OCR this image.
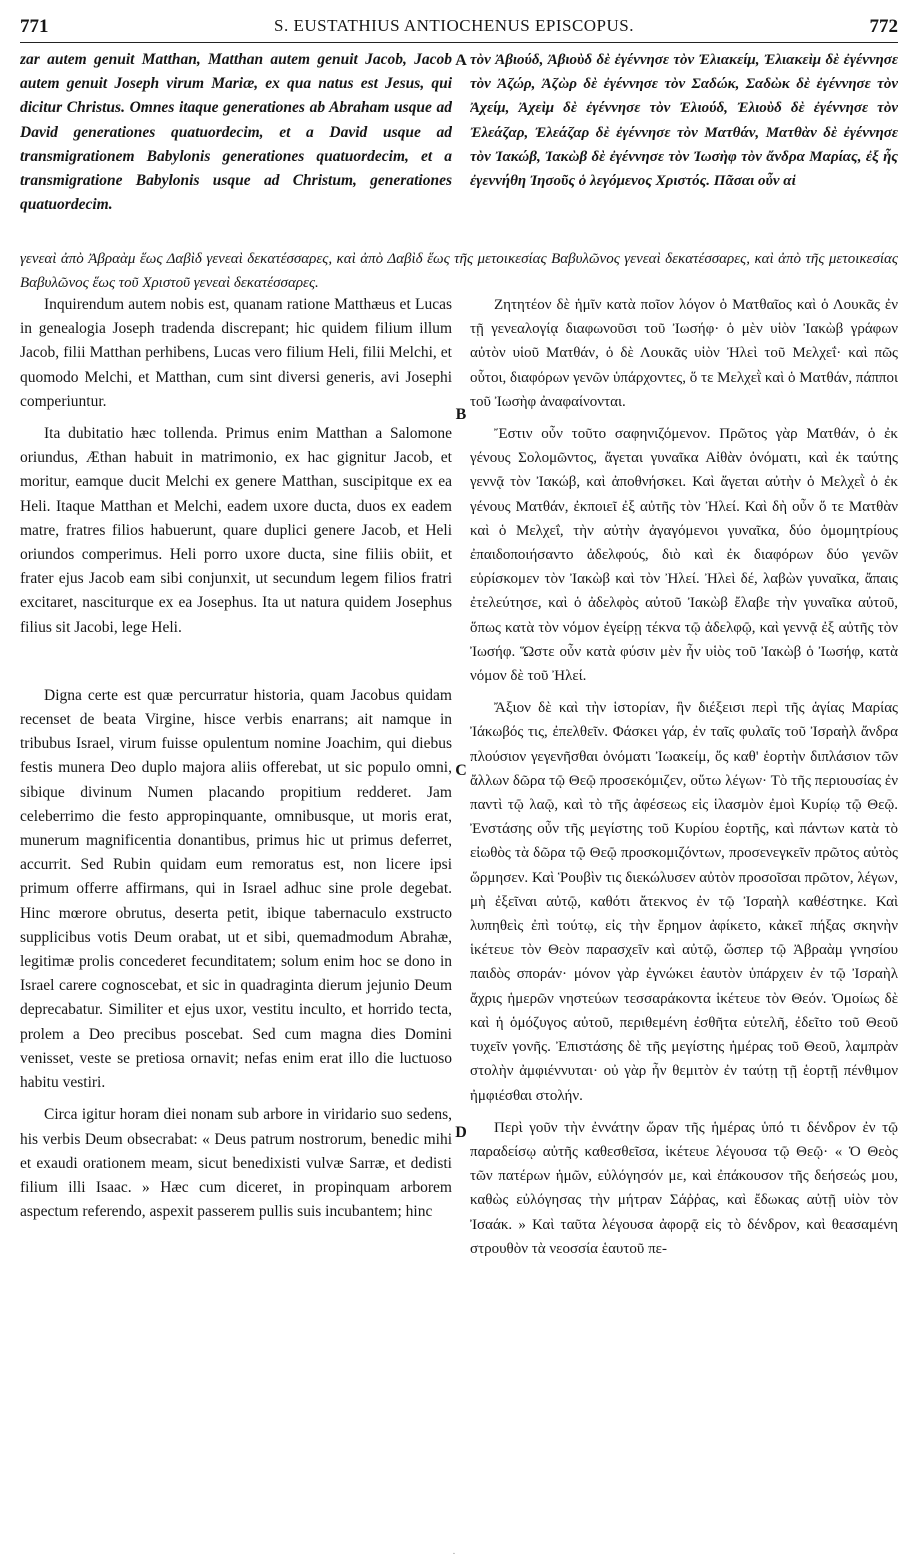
771	S. EUSTATHIUS ANTIOCHENUS EPISCOPUS.	772

zar autem genuit Matthan, Matthan autem genuit Jacob, Jacob autem genuit Joseph virum Mariæ, ex qua natus est Jesus, qui dicitur Christus. Omnes itaque generationes ab Abraham usque ad David generationes quatuordecim, et a David usque ad transmigrationem Babylonis generationes quatuordecim, et a transmigratione Babylonis usque ad Christum, generationes quatuordecim.

τὸν Ἀβιούδ, Ἀβιοὺδ δὲ ἐγέννησε τὸν Ἐλιακείμ, Ἐλιακεὶμ δὲ ἐγέννησε τὸν Ἀζώρ, Ἀζὼρ δὲ ἐγέννησε τὸν Σαδώκ, Σαδὼκ δὲ ἐγέννησε τὸν Ἀχείμ, Ἀχεὶμ δὲ ἐγέννησε τὸν Ἐλιούδ, Ἐλιοὺδ δὲ ἐγέννησε τὸν Ἐλεάζαρ, Ἐλεάζαρ δὲ ἐγέννησε τὸν Ματθάν, Ματθὰν δὲ ἐγέννησε τὸν Ἰακώβ, Ἰακὼβ δὲ ἐγέννησε τὸν Ἰωσὴφ τὸν ἄνδρα Μαρίας, ἐξ ἧς ἐγεννήθη Ἰησοῦς ὁ λεγόμενος Χριστός. Πᾶσαι οὖν αἱ

A
γενεαὶ ἀπὸ Ἀβραὰμ ἕως Δαβὶδ γενεαὶ δεκατέσσαρες, καὶ ἀπὸ Δαβὶδ ἕως τῆς μετοικεσίας Βαβυλῶνος γενεαὶ δεκατέσσαρες, καὶ ἀπὸ τῆς μετοικεσίας Βαβυλῶνος ἕως τοῦ Χριστοῦ γενεαὶ δεκατέσσαρες.

Inquirendum autem nobis est, quanam ratione Matthæus et Lucas in genealogia Joseph tradenda discrepant; hic quidem filium illum Jacob, filii Matthan perhibens, Lucas vero filium Heli, filii Melchi, et quomodo Melchi, et Matthan, cum sint diversi generis, avi Josephi comperiuntur.

Ita dubitatio hæc tollenda. Primus enim Matthan a Salomone oriundus, Æthan habuit in matrimonio, ex hac gignitur Jacob, et moritur, eamque ducit Melchi ex genere Matthan, suscipitque ex ea Heli. Itaque Matthan et Melchi, eadem uxore ducta, duos ex eadem matre, fratres filios habuerunt, quare duplici genere Jacob, et Heli oriundos comperimus. Heli porro uxore ducta, sine filiis obiit, et frater ejus Jacob eam sibi conjunxit, ut secundum legem filios fratri excitaret, nasciturque ex ea Josephus. Ita ut natura quidem Josephus filius sit Jacobi, lege Heli.

Digna certe est quæ percurratur historia, quam Jacobus quidam recenset de beata Virgine, hisce verbis enarrans; ait namque in tribubus Israel, virum fuisse opulentum nomine Joachim, qui diebus festis munera Deo duplo majora aliis offerebat, ut sic populo omni, sibique divinum Numen placando propitium redderet. Jam celeberrimo die festo appropinquante, omnibusque, ut moris erat, munerum magnificentia donantibus, primus hic ut primus deferret, accurrit. Sed Rubin quidam eum remoratus est, non licere ipsi primum offerre affirmans, qui in Israel adhuc sine prole degebat. Hinc mœrore obrutus, deserta petit, ibique tabernaculo exstructo supplicibus votis Deum orabat, ut et sibi, quemadmodum Abrahæ, legitimæ prolis concederet fecunditatem; solum enim hoc se dono in Israel carere cognoscebat, et sic in quadraginta dierum jejunio Deum deprecabatur. Similiter et ejus uxor, vestitu inculto, et horrido tecta, prolem a Deo precibus poscebat. Sed cum magna dies Domini venisset, veste se pretiosa ornavit; nefas enim erat illo die luctuoso habitu vestiri.

Circa igitur horam diei nonam sub arbore in viridario suo sedens, his verbis Deum obsecrabat: « Deus patrum nostrorum, benedic mihi et exaudi orationem meam, sicut benedixisti vulvæ Sarræ, et dedisti filium illi Isaac. » Hæc cum diceret, in propinquam arborem aspectum referendo, aspexit passerem pullis suis incubantem; hinc

Ζητητέον δὲ ἡμῖν κατὰ ποῖον λόγον ὁ Ματθαῖος καὶ ὁ Λουκᾶς ἐν τῇ γενεαλογίᾳ διαφωνοῦσι τοῦ Ἰωσήφ· ὁ μὲν υἱὸν Ἰακὼβ γράφων αὐτὸν υἱοῦ Ματθάν, ὁ δὲ Λουκᾶς υἱὸν Ἠλεὶ τοῦ Μελχεΐ· καὶ πῶς οὗτοι, διαφόρων γενῶν ὑπάρχοντες, ὅ τε Μελχεῒ καὶ ὁ Ματθάν, πάπποι τοῦ Ἰωσὴφ ἀναφαίνονται.

Ἔστιν οὖν τοῦτο σαφηνιζόμενον. Πρῶτος γὰρ Ματθάν, ὁ ἐκ γένους Σολομῶντος, ἄγεται γυναῖκα Αἰθὰν ὀνόματι, καὶ ἐκ ταύτης γεννᾷ τὸν Ἰακώβ, καὶ ἀποθνήσκει. Καὶ ἄγεται αὐτὴν ὁ Μελχεῒ ὁ ἐκ γένους Ματθάν, ἐκποιεῖ ἐξ αὐτῆς τὸν Ἠλεί. Καὶ δὴ οὖν ὅ τε Ματθὰν καὶ ὁ Μελχεΐ, τὴν αὐτὴν ἀγαγόμενοι γυναῖκα, δύο ὁμομητρίους ἐπαιδοποιήσαντο ἀδελφούς, διὸ καὶ ἐκ διαφόρων δύο γενῶν εὑρίσκομεν τὸν Ἰακὼβ καὶ τὸν Ἠλεί. Ἠλεὶ δέ, λαβὼν γυναῖκα, ἄπαις ἐτελεύτησε, καὶ ὁ ἀδελφὸς αὐτοῦ Ἰακὼβ ἔλαβε τὴν γυναῖκα αὐτοῦ, ὅπως κατὰ τὸν νόμον ἐγείρῃ τέκνα τῷ ἀδελφῷ, καὶ γεννᾷ ἐξ αὐτῆς τὸν Ἰωσήφ. Ὥστε οὖν κατὰ φύσιν μὲν ἦν υἱὸς τοῦ Ἰακὼβ ὁ Ἰωσήφ, κατὰ νόμον δὲ τοῦ Ἠλεί.

Ἄξιον δὲ καὶ τὴν ἱστορίαν, ἣν διέξεισι περὶ τῆς ἁγίας Μαρίας Ἰάκωβός τις, ἐπελθεῖν. Φάσκει γάρ, ἐν ταῖς φυλαῖς τοῦ Ἰσραὴλ ἄνδρα πλούσιον γεγενῆσθαι ὀνόματι Ἰωακείμ, ὅς καθ' ἑορτὴν διπλάσιον τῶν ἄλλων δῶρα τῷ Θεῷ προσεκόμιζεν, οὕτω λέγων· Τὸ τῆς περιουσίας ἐν παντὶ τῷ λαῷ, καὶ τὸ τῆς ἀφέσεως εἰς ἱλασμὸν ἐμοὶ Κυρίῳ τῷ Θεῷ. Ἐνστάσης οὖν τῆς μεγίστης τοῦ Κυρίου ἑορτῆς, καὶ πάντων κατὰ τὸ εἰωθὸς τὰ δῶρα τῷ Θεῷ προσκομιζόντων, προσενεγκεῖν πρῶτος αὐτὸς ὥρμησεν. Καὶ Ῥουβὶν τις διεκώλυσεν αὐτὸν προσοῖσαι πρῶτον, λέγων, μὴ ἐξεῖναι αὐτῷ, καθότι ἄτεκνος ἐν τῷ Ἰσραὴλ καθέστηκε. Καὶ λυπηθεὶς ἐπὶ τούτῳ, εἰς τὴν ἔρημον ἀφίκετο, κἀκεῖ πήξας σκηνὴν ἱκέτευε τὸν Θεὸν παρασχεῖν καὶ αὐτῷ, ὥσπερ τῷ Ἀβραὰμ γνησίου παιδὸς σποράν· μόνον γὰρ ἐγνώκει ἑαυτὸν ὑπάρχειν ἐν τῷ Ἰσραὴλ ἄχρις ἡμερῶν νηστεύων τεσσαράκοντα ἱκέτευε τὸν Θεόν. Ὁμοίως δὲ καὶ ἡ ὁμόζυγος αὐτοῦ, περιθεμένη ἐσθῆτα εὐτελῆ, ἐδεῖτο τοῦ Θεοῦ τυχεῖν γονῆς. Ἐπιστάσης δὲ τῆς μεγίστης ἡμέρας τοῦ Θεοῦ, λαμπρὰν στολὴν ἀμφιέννυται· οὐ γὰρ ἦν θεμιτὸν ἐν ταύτῃ τῇ ἑορτῇ πένθιμον ἠμφιέσθαι στολήν.

Περὶ γοῦν τὴν ἐννάτην ὥραν τῆς ἡμέρας ὑπό τι δένδρον ἐν τῷ παραδείσῳ αὐτῆς καθεσθεῖσα, ἱκέτευε λέγουσα τῷ Θεῷ· « Ὁ Θεὸς τῶν πατέρων ἡμῶν, εὐλόγησόν με, καὶ ἐπάκουσον τῆς δεήσεώς μου, καθὼς εὐλόγησας τὴν μήτραν Σάῤῥας, καὶ ἔδωκας αὐτῇ υἱὸν τὸν Ἰσαάκ. » Καὶ ταῦτα λέγουσα ἀφορᾷ εἰς τὸ δένδρον, καὶ θεασαμένη στρουθὸν τὰ νεοσσία ἑαυτοῦ πε-

B
C
D
·
